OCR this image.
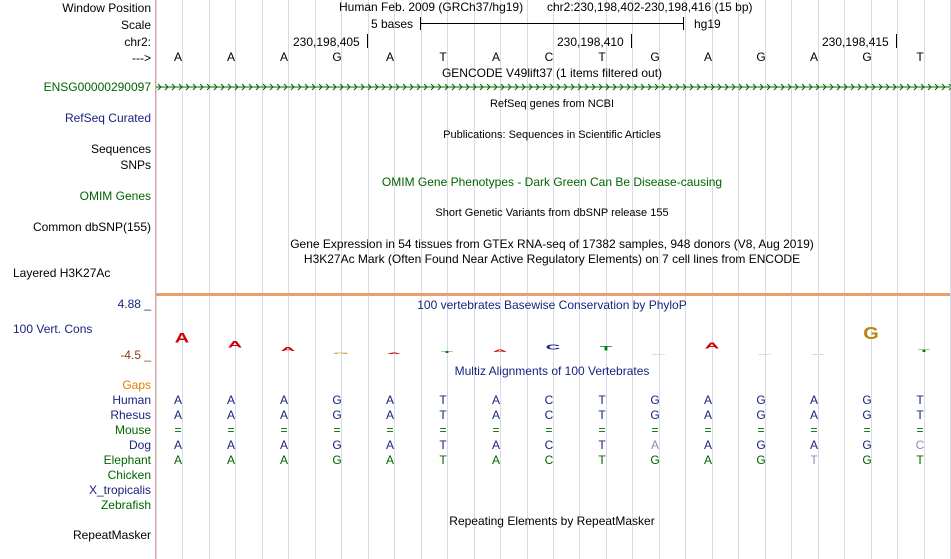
Window Position
Scale
chr2:
--->
ENSG00000290097
RefSeq Curated
Sequences
SNPs
OMIM Genes
Common dbSNP(155)
Layered H3K27Ac
4.88 _
100 Vert. Cons
-4.5 _
Gaps
Human
Rhesus
Mouse
Dog
Elephant
Chicken
X_tropicalis
Zebrafish
RepeatMasker
Human Feb. 2009 (GRCh37/hg19) chr2:230,198,402-230,198,416 (15 bp)
5 bases	hg19
230,198,405	230,198,410	230,198,415
A	A	A	G	A	T	A	C	T	G	A	G	A	G	T
GENCODE V49lift37 (1 items filtered out)
RefSeq genes from NCBI
Publications: Sequences in Scientific Articles
OMIM Gene Phenotypes - Dark Green Can Be Disease-causing
Short Genetic Variants from dbSNP release 155
Gene Expression in 54 tissues from GTEx RNA-seq of 17382 samples, 948 donors (V8, Aug 2019)
H3K27Ac Mark (Often Found Near Active Regulatory Elements) on 7 cell lines from ENCODE
100 vertebrates Basewise Conservation by PhyloP
A A
A
G A T A C T
G
A
G A
G
T
Multiz Alignments of 100 Vertebrates
A	A	A	G	A	T	A	C	T	G	A	G	A	G	T
A	A	A	G	A	T	A	C	T	G	A	G	A	G	T
=	=	=	=	=	=	=	=	=	=	=	=	=	=	=
A	A	A	G	A	T	A	C	T	A	A	G	A	G	C
A	A	A	G	A	T	A	C	T	G	A	G	T	G	T
Repeating Elements by RepeatMasker
